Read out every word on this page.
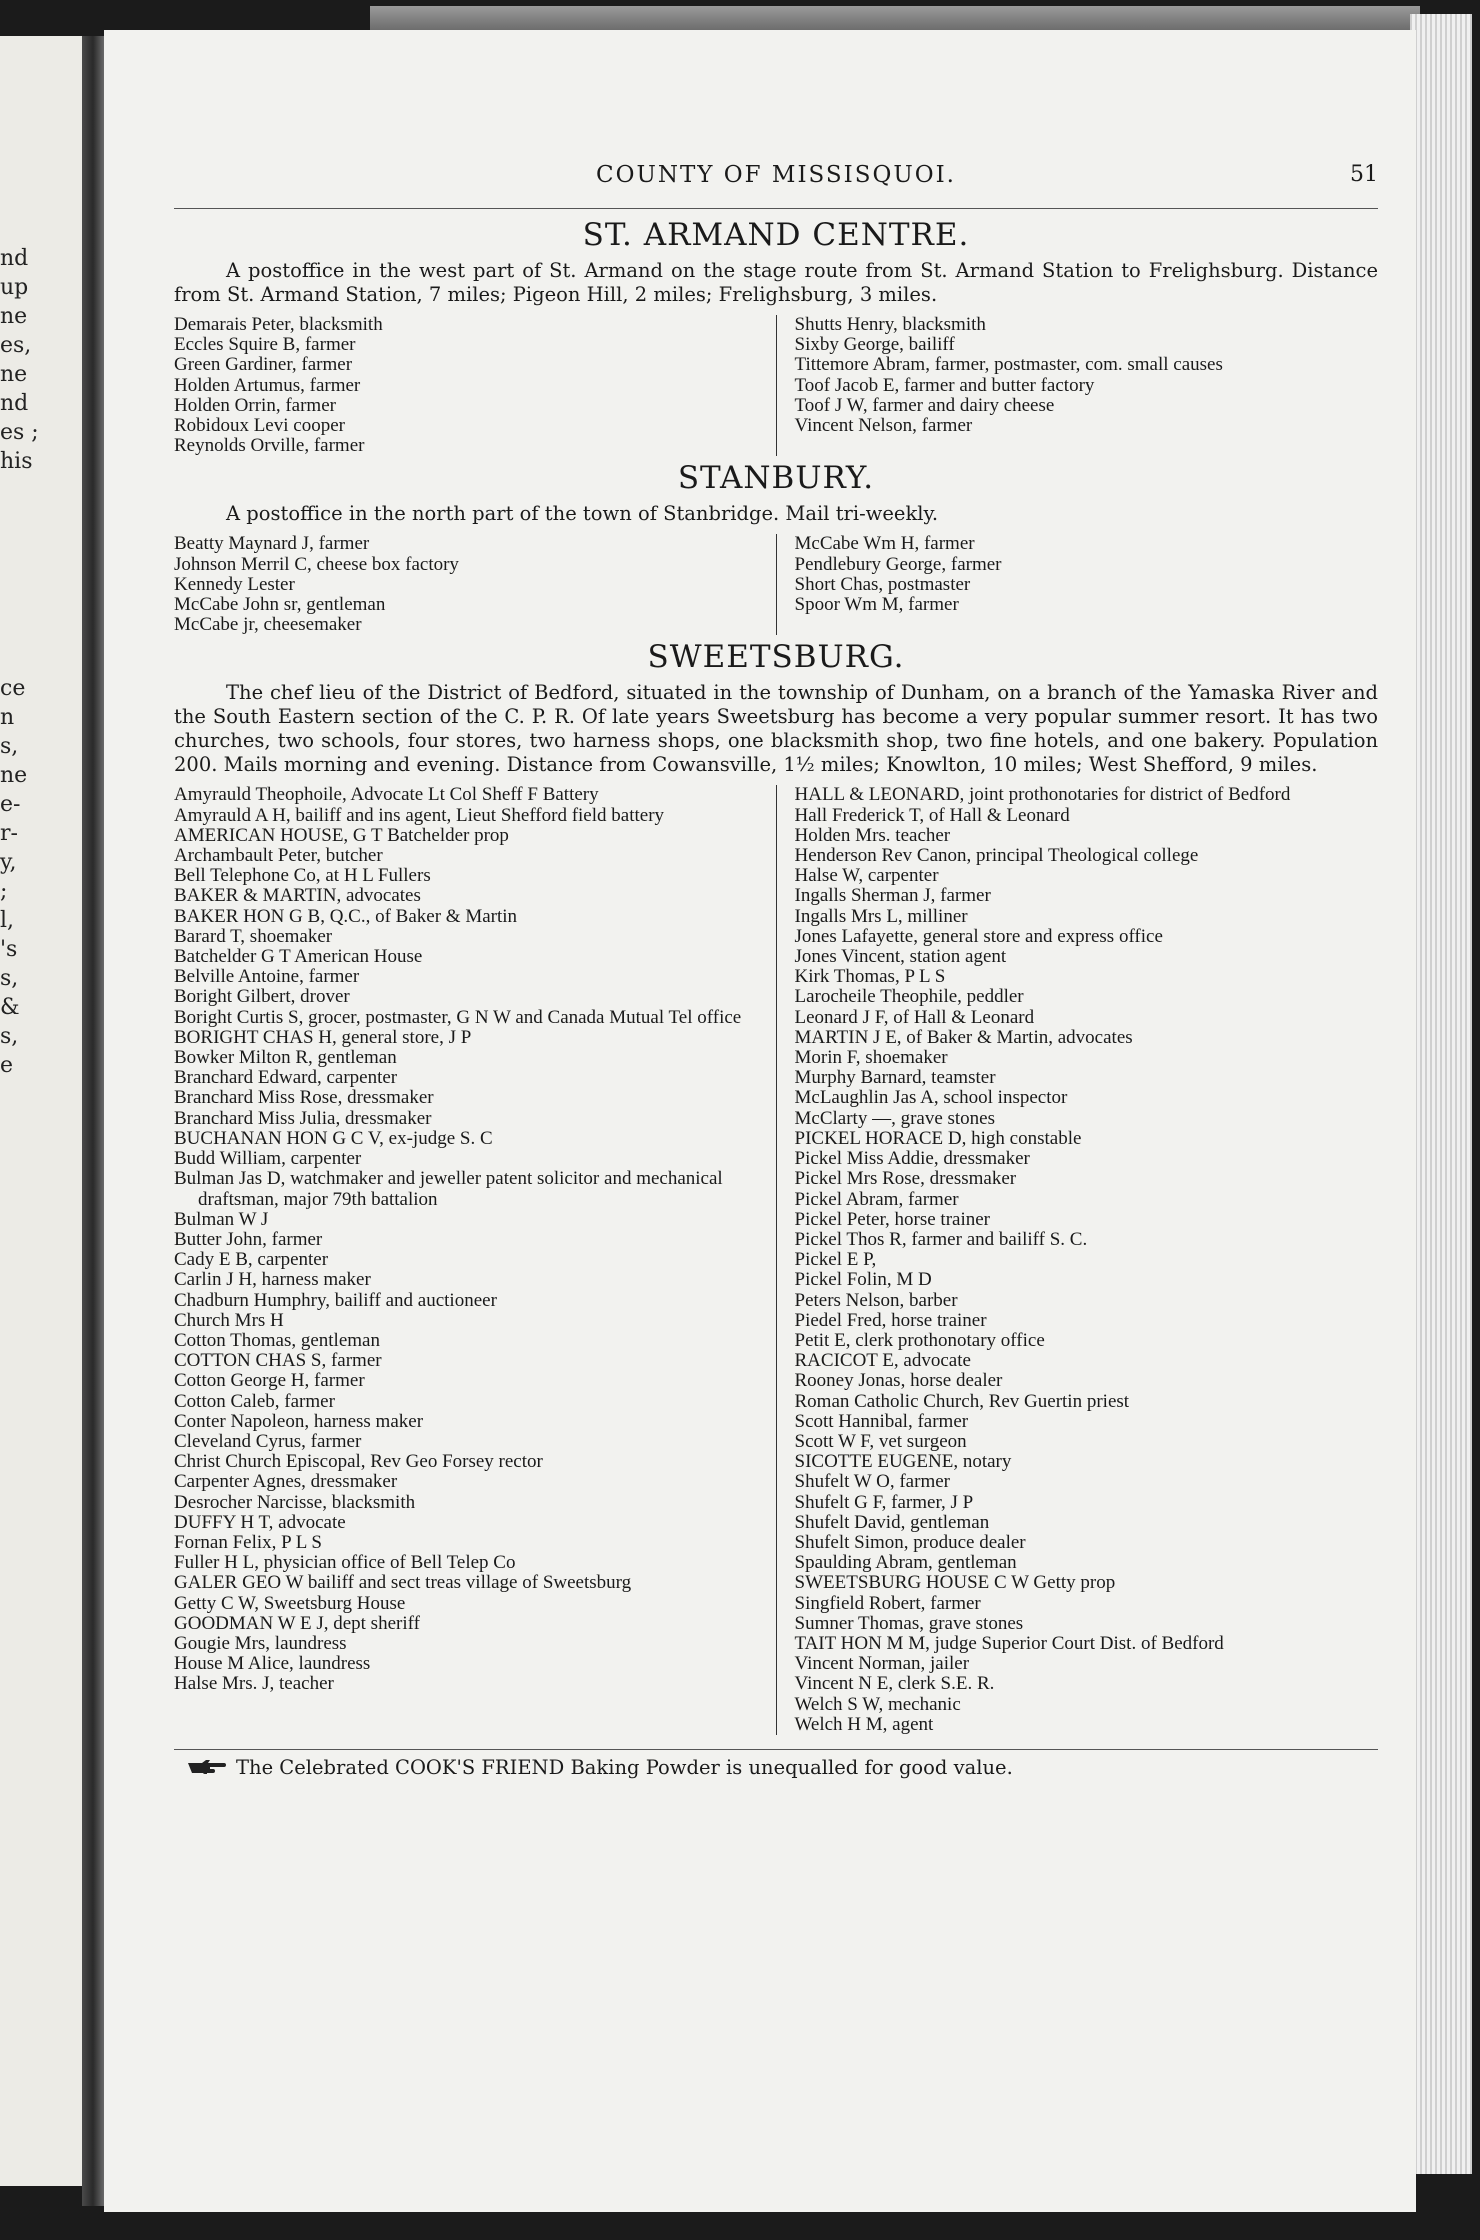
nd
up
ne
es,
ne
nd
es ;
his
ce
n
s,
ne
e-
r-
y,
;
l,
's
s,
&
s,
e
COUNTY OF MISSISQUOI.	51
ST. ARMAND CENTRE.

A postoffice in the west part of St. Armand on the stage route from St. Armand Station to Frelighsburg. Distance from St. Armand Station, 7 miles; Pigeon Hill, 2 miles; Frelighsburg, 3 miles.

Demarais Peter, blacksmith
Eccles Squire B, farmer
Green Gardiner, farmer
Holden Artumus, farmer
Holden Orrin, farmer
Robidoux Levi cooper
Reynolds Orville, farmer
Shutts Henry, blacksmith
Sixby George, bailiff
Tittemore Abram, farmer, postmaster, com. small causes
Toof Jacob E, farmer and butter factory
Toof J W, farmer and dairy cheese
Vincent Nelson, farmer
STANBURY.

A postoffice in the north part of the town of Stanbridge. Mail tri-weekly.

Beatty Maynard J, farmer
Johnson Merril C, cheese box factory
Kennedy Lester
McCabe John sr, gentleman
McCabe jr, cheesemaker
McCabe Wm H, farmer
Pendlebury George, farmer
Short Chas, postmaster
Spoor Wm M, farmer
SWEETSBURG.

The chef lieu of the District of Bedford, situated in the township of Dunham, on a branch of the Yamaska River and the South Eastern section of the C. P. R. Of late years Sweetsburg has become a very popular summer resort. It has two churches, two schools, four stores, two harness shops, one blacksmith shop, two fine hotels, and one bakery. Population 200. Mails morning and evening. Distance from Cowansville, 1½ miles; Knowlton, 10 miles; West Shefford, 9 miles.

Amyrauld Theophoile, Advocate Lt Col Sheff F Battery
Amyrauld A H, bailiff and ins agent, Lieut Shefford field battery
AMERICAN HOUSE, G T Batchelder prop
Archambault Peter, butcher
Bell Telephone Co, at H L Fullers
BAKER & MARTIN, advocates
BAKER HON G B, Q.C., of Baker & Martin
Barard T, shoemaker
Batchelder G T American House
Belville Antoine, farmer
Boright Gilbert, drover
Boright Curtis S, grocer, postmaster, G N W and Canada Mutual Tel office
BORIGHT CHAS H, general store, J P
Bowker Milton R, gentleman
Branchard Edward, carpenter
Branchard Miss Rose, dressmaker
Branchard Miss Julia, dressmaker
BUCHANAN HON G C V, ex-judge S. C
Budd William, carpenter
Bulman Jas D, watchmaker and jeweller patent solicitor and mechanical draftsman, major 79th battalion
Bulman W J
Butter John, farmer
Cady E B, carpenter
Carlin J H, harness maker
Chadburn Humphry, bailiff and auctioneer
Church Mrs H
Cotton Thomas, gentleman
COTTON CHAS S, farmer
Cotton George H, farmer
Cotton Caleb, farmer
Conter Napoleon, harness maker
Cleveland Cyrus, farmer
Christ Church Episcopal, Rev Geo Forsey rector
Carpenter Agnes, dressmaker
Desrocher Narcisse, blacksmith
DUFFY H T, advocate
Fornan Felix, P L S
Fuller H L, physician office of Bell Telep Co
GALER GEO W bailiff and sect treas village of Sweetsburg
Getty C W, Sweetsburg House
GOODMAN W E J, dept sheriff
Gougie Mrs, laundress
House M Alice, laundress
Halse Mrs. J, teacher
HALL & LEONARD, joint prothonotaries for district of Bedford
Hall Frederick T, of Hall & Leonard
Holden Mrs. teacher
Henderson Rev Canon, principal Theological college
Halse W, carpenter
Ingalls Sherman J, farmer
Ingalls Mrs L, milliner
Jones Lafayette, general store and express office
Jones Vincent, station agent
Kirk Thomas, P L S
Larocheile Theophile, peddler
Leonard J F, of Hall & Leonard
MARTIN J E, of Baker & Martin, advocates
Morin F, shoemaker
Murphy Barnard, teamster
McLaughlin Jas A, school inspector
McClarty —, grave stones
PICKEL HORACE D, high constable
Pickel Miss Addie, dressmaker
Pickel Mrs Rose, dressmaker
Pickel Abram, farmer
Pickel Peter, horse trainer
Pickel Thos R, farmer and bailiff S. C.
Pickel E P,
Pickel Folin, M D
Peters Nelson, barber
Piedel Fred, horse trainer
Petit E, clerk prothonotary office
RACICOT E, advocate
Rooney Jonas, horse dealer
Roman Catholic Church, Rev Guertin priest
Scott Hannibal, farmer
Scott W F, vet surgeon
SICOTTE EUGENE, notary
Shufelt W O, farmer
Shufelt G F, farmer, J P
Shufelt David, gentleman
Shufelt Simon, produce dealer
Spaulding Abram, gentleman
SWEETSBURG HOUSE C W Getty prop
Singfield Robert, farmer
Sumner Thomas, grave stones
TAIT HON M M, judge Superior Court Dist. of Bedford
Vincent Norman, jailer
Vincent N E, clerk S.E. R.
Welch S W, mechanic
Welch H M, agent
The Celebrated COOK'S FRIEND Baking Powder is unequalled for good value.
